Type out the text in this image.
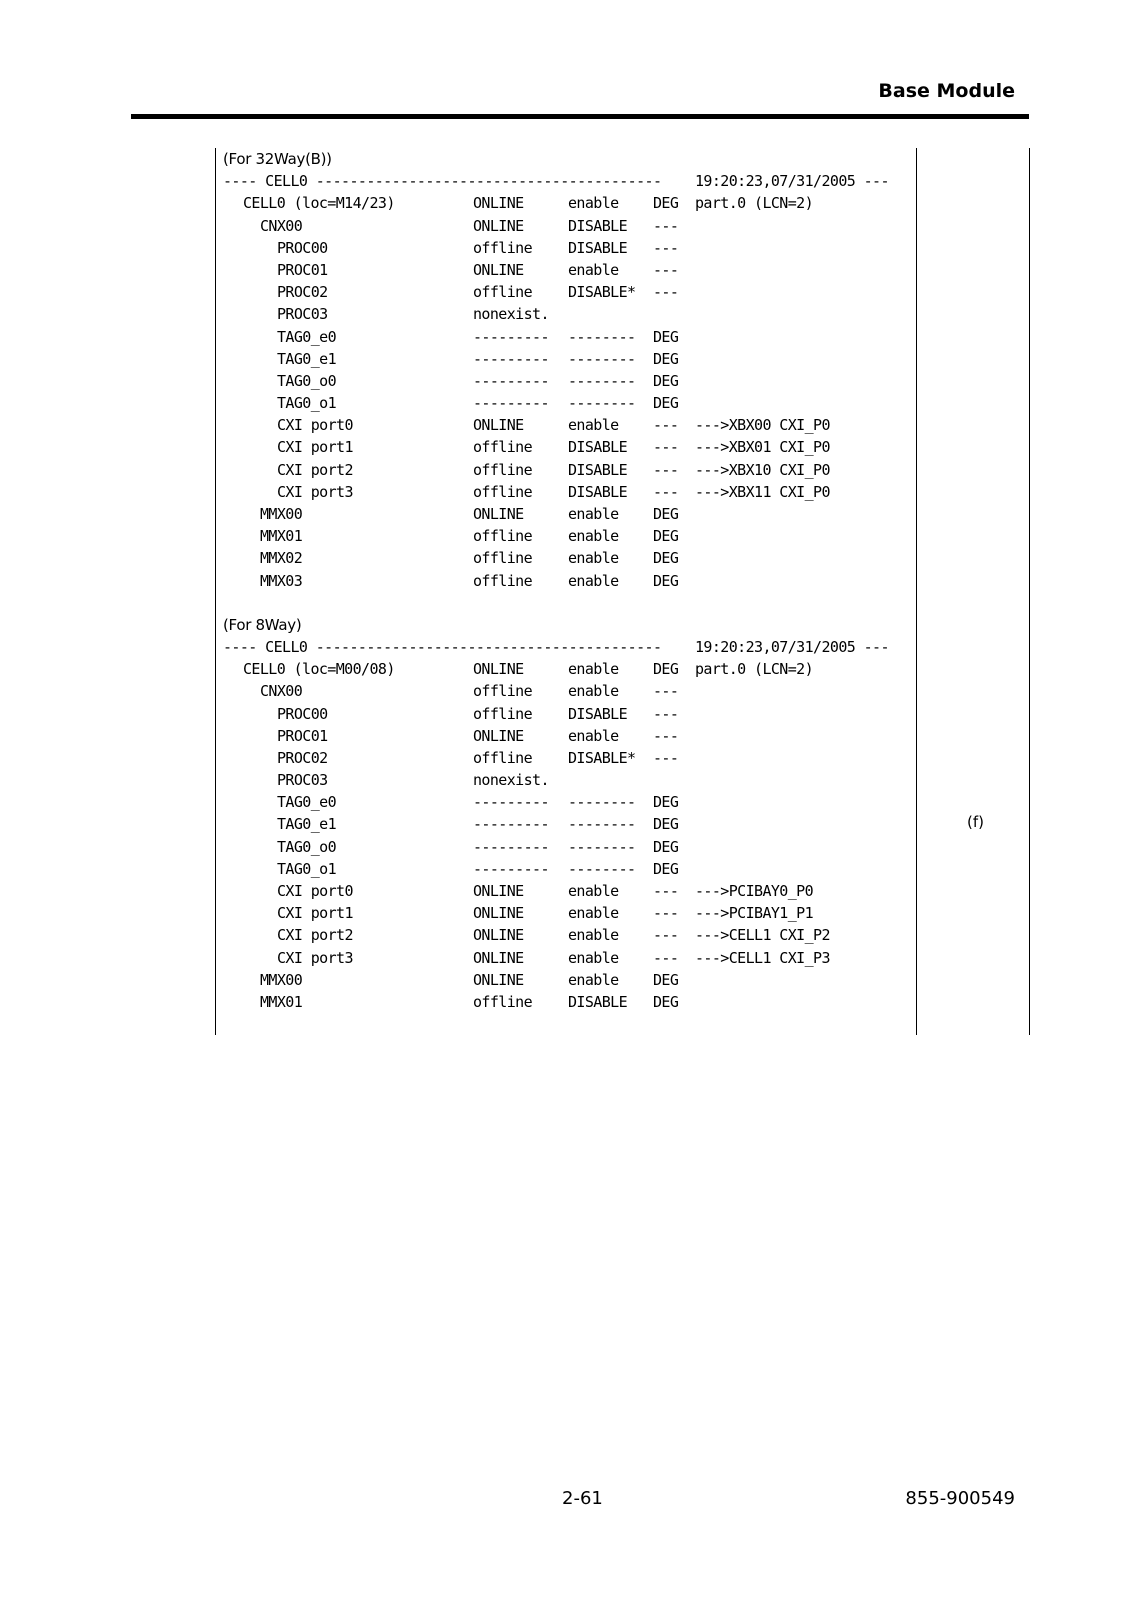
Base Module
(For 32Way(B))

---- CELL0 -----------------------------------------

19:20:23,07/31/2005 ---

CELL0 (loc=M14/23)	ONLINE	enable DEG part.0 (LCN=2)
CNX00	ONLINE	DISABLE ---
PROC00	offline DISABLE ---
PROC01	ONLINE	enable ---
PROC02	offline DISABLE* ---
PROC03	nonexist.
TAG0_e0	--------- -------- DEG
TAG0_e1	--------- -------- DEG
TAG0_o0	--------- -------- DEG
TAG0_o1	--------- -------- DEG
CXI port0	ONLINE	enable --- --->XBX00 CXI_P0
CXI port1	offline DISABLE --- --->XBX01 CXI_P0
CXI port2	offline DISABLE --- --->XBX10 CXI_P0
CXI port3	offline DISABLE --- --->XBX11 CXI_P0
MMX00	ONLINE	enable DEG
MMX01	offline enable DEG
MMX02	offline enable DEG
MMX03	offline enable DEG
(For 8Way)

---- CELL0 -----------------------------------------

19:20:23,07/31/2005 ---

CELL0 (loc=M00/08)	ONLINE	enable DEG part.0 (LCN=2)
CNX00	offline enable ---
PROC00	offline DISABLE ---
PROC01	ONLINE	enable ---
PROC02	offline DISABLE* ---
PROC03	nonexist.
TAG0_e0	--------- -------- DEG
TAG0_e1	--------- -------- DEG
TAG0_o0	--------- -------- DEG
TAG0_o1	--------- -------- DEG
CXI port0	ONLINE	enable --- --->PCIBAY0_P0
CXI port1	ONLINE	enable --- --->PCIBAY1_P1
CXI port2	ONLINE	enable --- --->CELL1 CXI_P2
CXI port3	ONLINE	enable --- --->CELL1 CXI_P3
MMX00	ONLINE	enable DEG
MMX01	offline DISABLE DEG
(f)
2-61	855-900549
